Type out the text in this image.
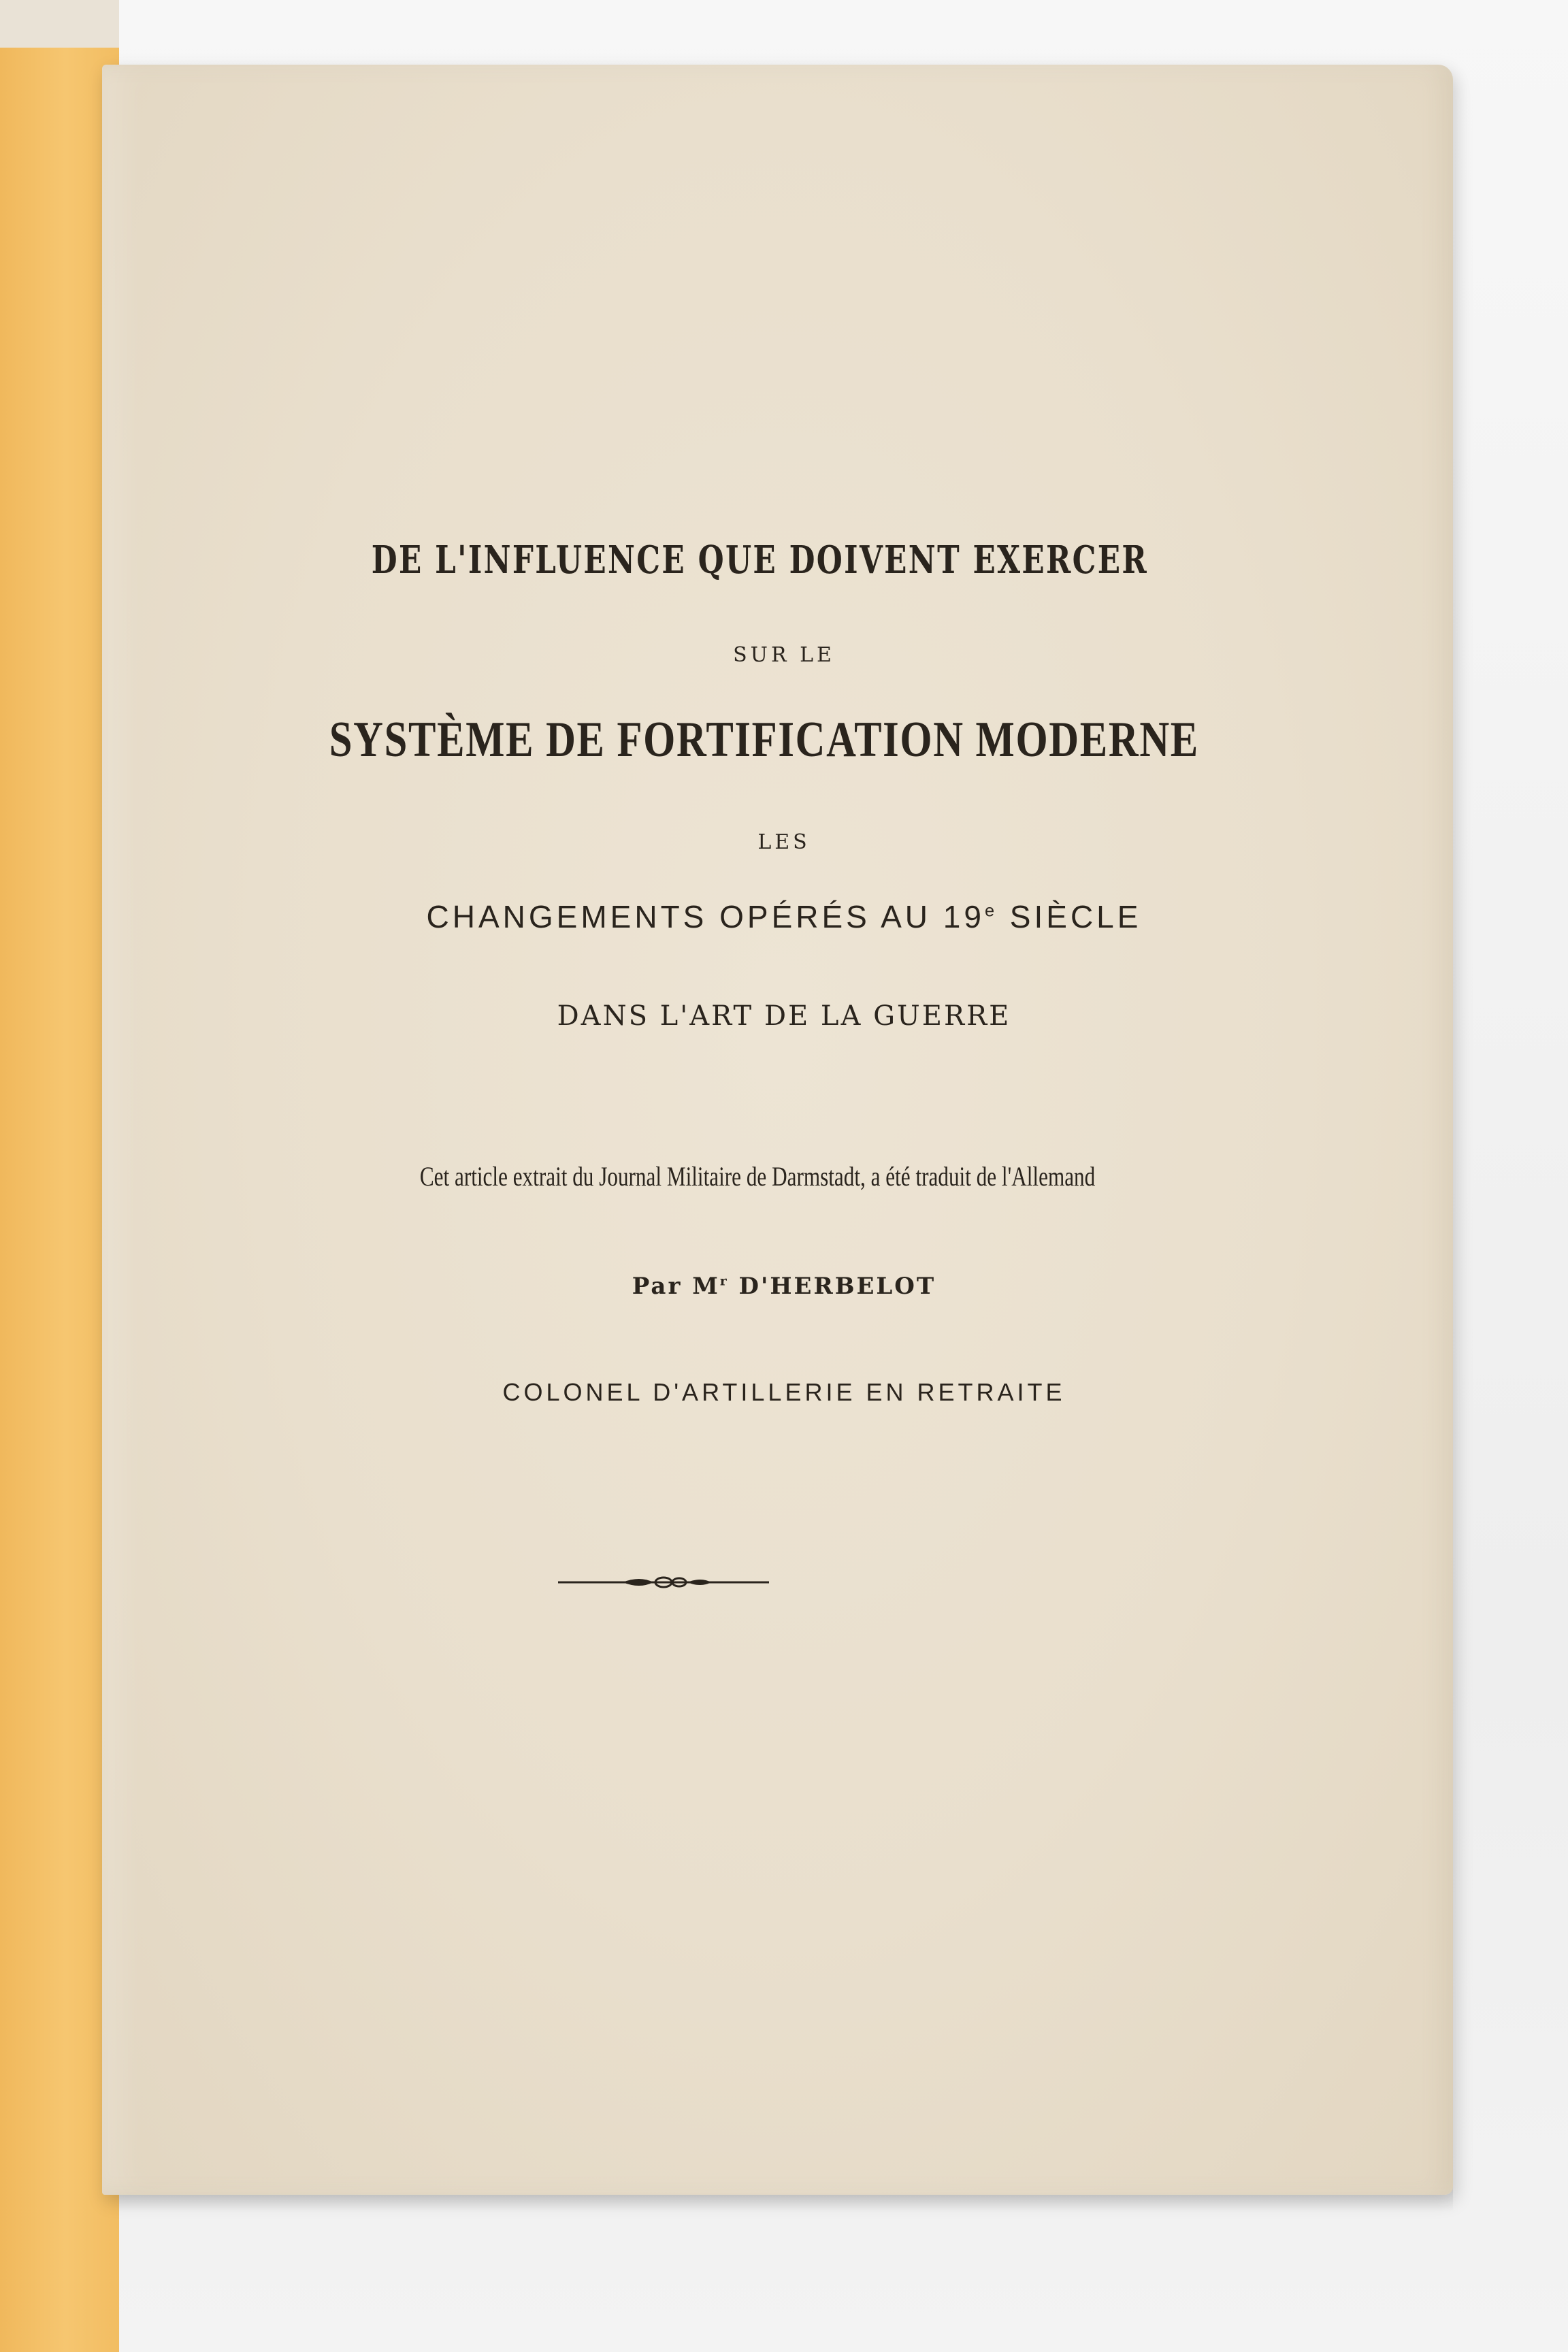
DE L'INFLUENCE QUE DOIVENT EXERCER
SUR LE
SYSTÈME DE FORTIFICATION MODERNE
LES
CHANGEMENTS OPÉRÉS AU 19e SIÈCLE
DANS L'ART DE LA GUERRE
Cet article extrait du Journal Militaire de Darmstadt, a été traduit de l'Allemand
Par $M^r$ D'HERBELOT
COLONEL D'ARTILLERIE EN RETRAITE
